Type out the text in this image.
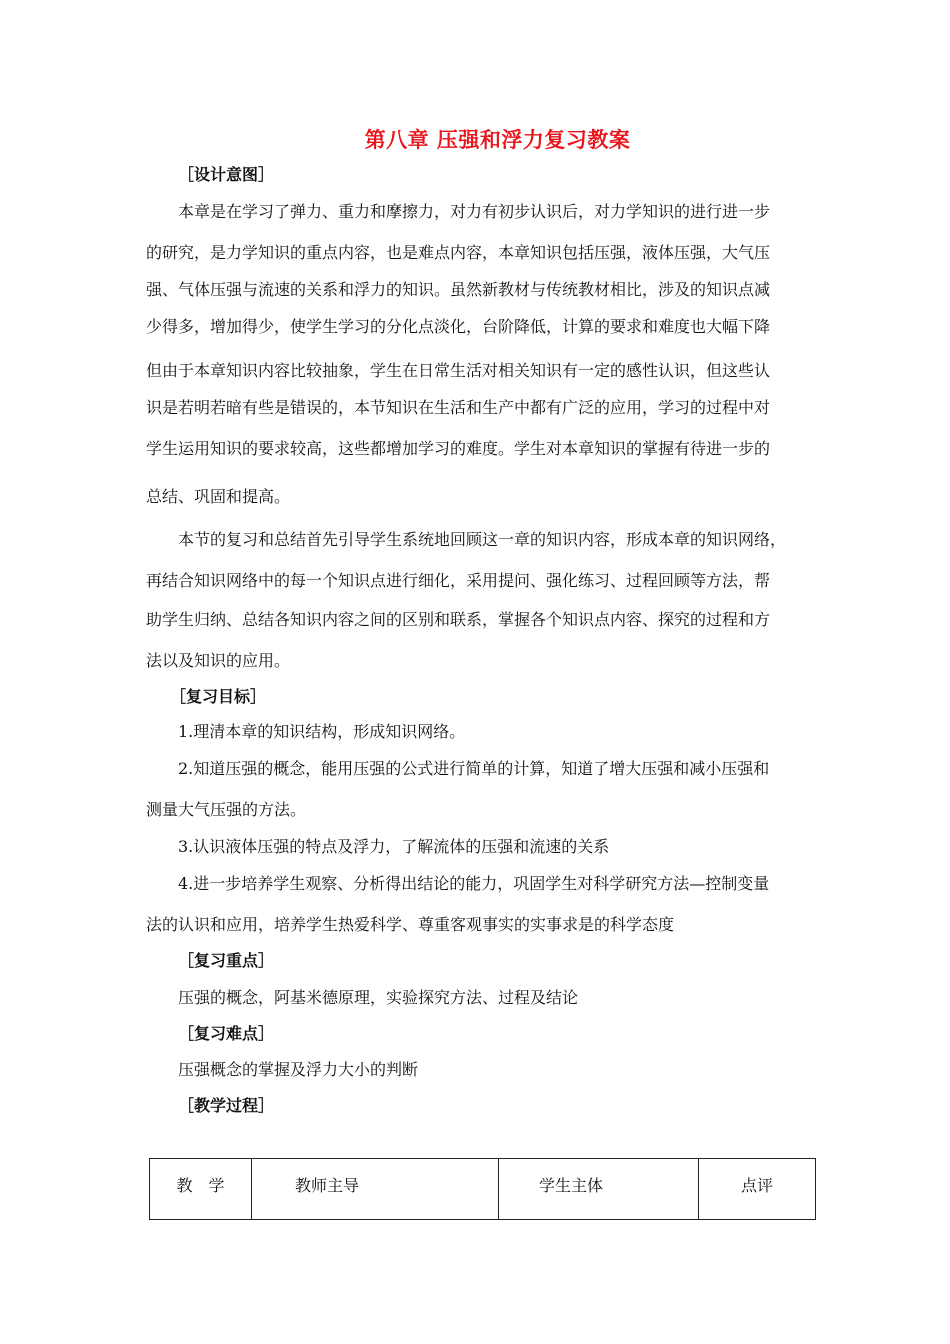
第八章 压强和浮力复习教案
［设计意图］
本章是在学习了弹力、重力和摩擦力，对力有初步认识后，对力学知识的进行进一步
的研究，是力学知识的重点内容，也是难点内容，本章知识包括压强，液体压强，大气压
强、气体压强与流速的关系和浮力的知识。虽然新教材与传统教材相比，涉及的知识点减
少得多，增加得少，使学生学习的分化点淡化，台阶降低，计算的要求和难度也大幅下降
但由于本章知识内容比较抽象，学生在日常生活对相关知识有一定的感性认识，但这些认
识是若明若暗有些是错误的，本节知识在生活和生产中都有广泛的应用，学习的过程中对
学生运用知识的要求较高，这些都增加学习的难度。学生对本章知识的掌握有待进一步的
总结、巩固和提高。
本节的复习和总结首先引导学生系统地回顾这一章的知识内容，形成本章的知识网络，
再结合知识网络中的每一个知识点进行细化，采用提问、强化练习、过程回顾等方法，帮
助学生归纳、总结各知识内容之间的区别和联系，掌握各个知识点内容、探究的过程和方
法以及知识的应用。
［复习目标］
1.理清本章的知识结构，形成知识网络。
2.知道压强的概念，能用压强的公式进行简单的计算，知道了增大压强和减小压强和
测量大气压强的方法。
3.认识液体压强的特点及浮力，了解流体的压强和流速的关系
4.进一步培养学生观察、分析得出结论的能力，巩固学生对科学研究方法—控制变量
法的认识和应用，培养学生热爱科学、尊重客观事实的实事求是的科学态度
［复习重点］
压强的概念，阿基米德原理，实验探究方法、过程及结论
［复习难点］
压强概念的掌握及浮力大小的判断
［教学过程］
教　学	教师主导	学生主体	点评
